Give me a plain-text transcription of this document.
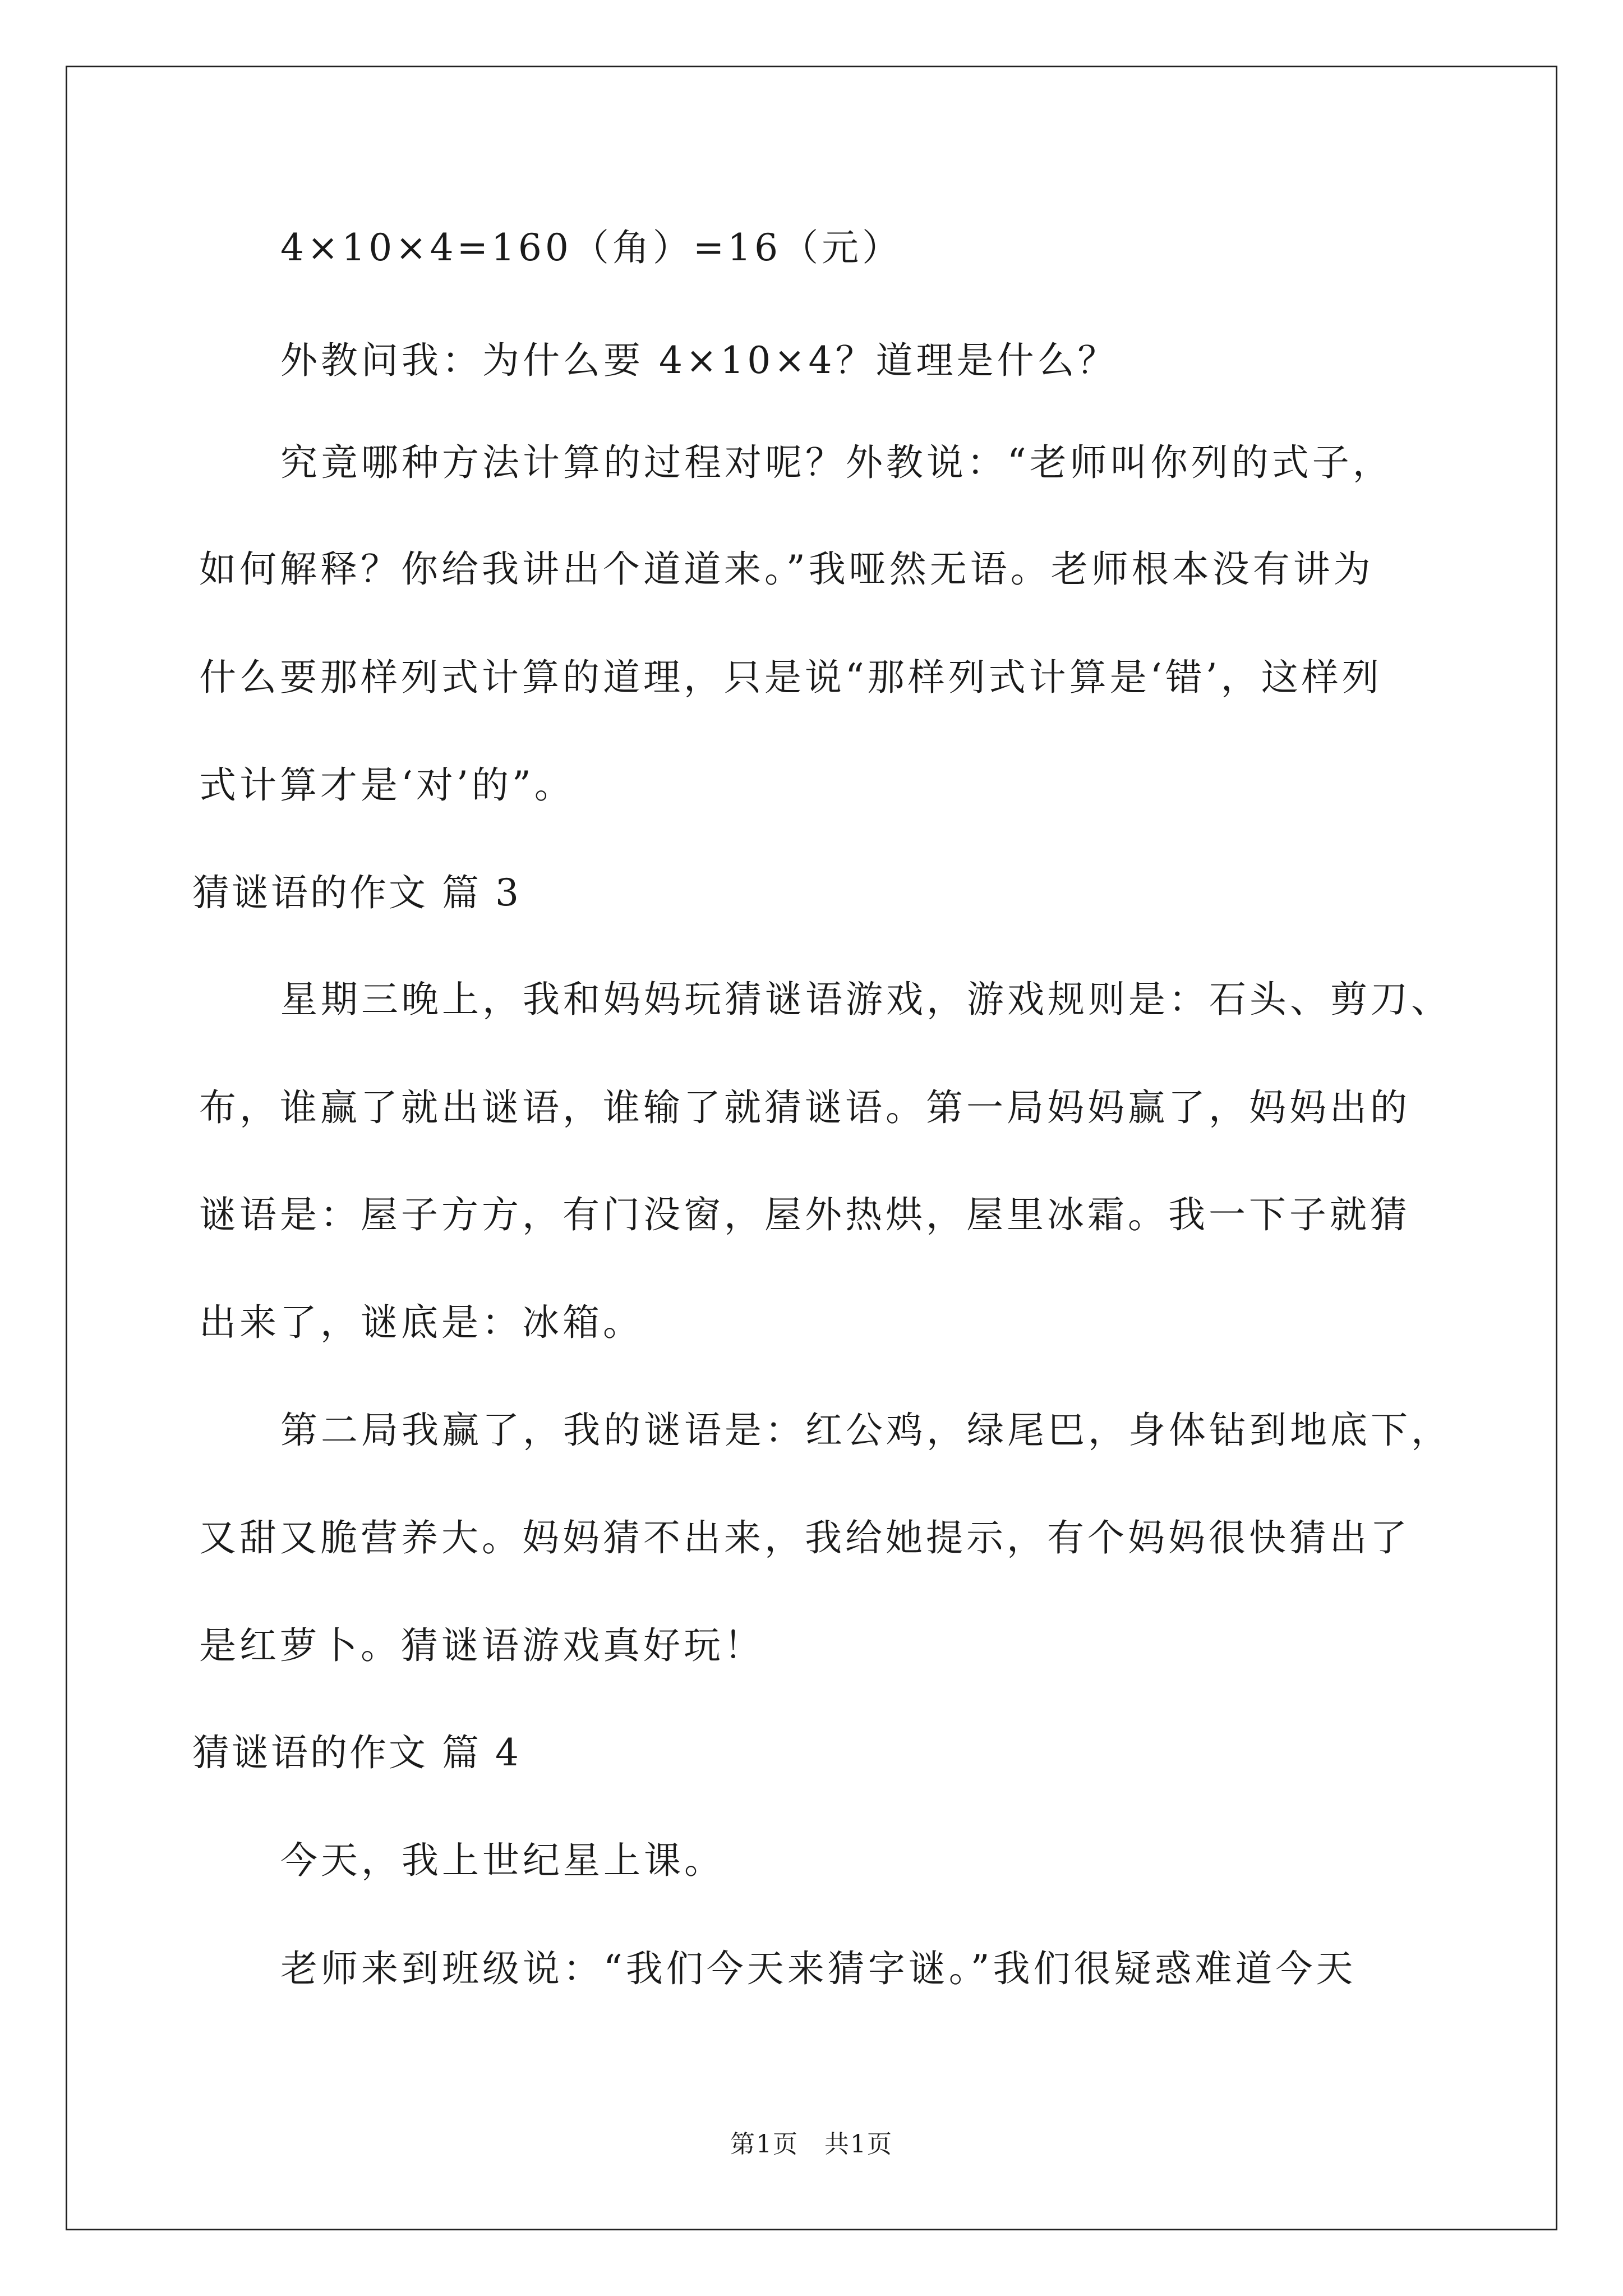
4×10×4=160（角）=16（元）
外教问我：为什么要 4×10×4？道理是什么？
究竟哪种方法计算的过程对呢？外教说：“老师叫你列的式子，
如何解释？你给我讲出个道道来。”我哑然无语。老师根本没有讲为
什么要那样列式计算的道理，只是说“那样列式计算是‘错’，这样列
式计算才是‘对’的”。
猜谜语的作文 篇 3
星期三晚上，我和妈妈玩猜谜语游戏，游戏规则是：石头、剪刀、
布，谁赢了就出谜语，谁输了就猜谜语。第一局妈妈赢了，妈妈出的
谜语是：屋子方方，有门没窗，屋外热烘，屋里冰霜。我一下子就猜
出来了，谜底是：冰箱。
第二局我赢了，我的谜语是：红公鸡，绿尾巴，身体钻到地底下，
又甜又脆营养大。妈妈猜不出来，我给她提示，有个妈妈很快猜出了
是红萝卜。猜谜语游戏真好玩！
猜谜语的作文 篇 4
今天，我上世纪星上课。
老师来到班级说：“我们今天来猜字谜。”我们很疑惑难道今天
第1页　共1页
